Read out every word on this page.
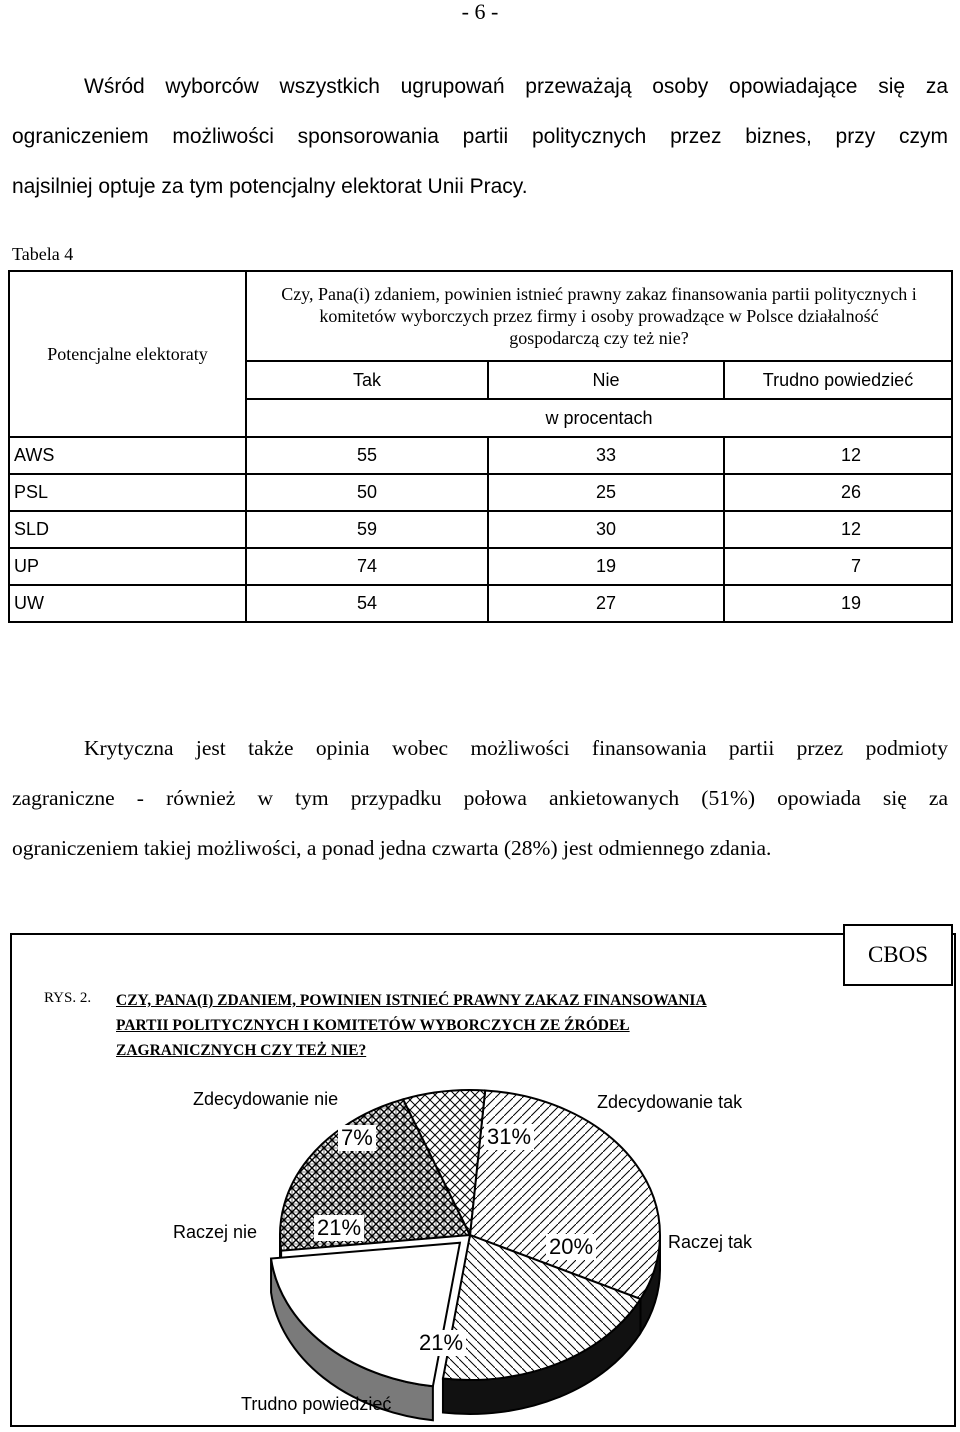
- 6 -
Wśród wyborców wszystkich ugrupowań przeważają osoby opowiadające się za
ograniczeniem możliwości sponsorowania partii politycznych przez biznes, przy czym
najsilniej optuje za tym potencjalny elektorat Unii Pracy.
Tabela 4
Potencjalne elektoraty	Czy, Pana(i) zdaniem, powinien istnieć prawny zakaz finansowania partii politycznych i komitetów wyborczych przez firmy i osoby prowadzące w Polsce działalność gospodarczą czy też nie?		

	Tak	Nie	Trudno powiedzieć
	w procentach		
AWS	55	33	12
PSL	50	25	26
SLD	59	30	12
UP	74	19	7
UW	54	27	19
Krytyczna jest także opinia wobec możliwości finansowania partii przez podmioty
zagraniczne - również w tym przypadku połowa ankietowanych (51%) opowiada się za
ograniczeniem takiej możliwości, a ponad jedna czwarta (28%) jest odmiennego zdania.
CBOS
RYS. 2. CZY, PANA(I) ZDANIEM, POWINIEN ISTNIEĆ PRAWNY ZAKAZ FINANSOWANIA
PARTII POLITYCZNYCH I KOMITETÓW WYBORCZYCH ZE ŹRÓDEŁ
ZAGRANICZNYCH CZY TEŻ NIE?
Zdecydowanie nie	Zdecydowanie tak
Raczej nie	Raczej tak
Trudno powiedzieć
7%	31%
21%
20%
21%
